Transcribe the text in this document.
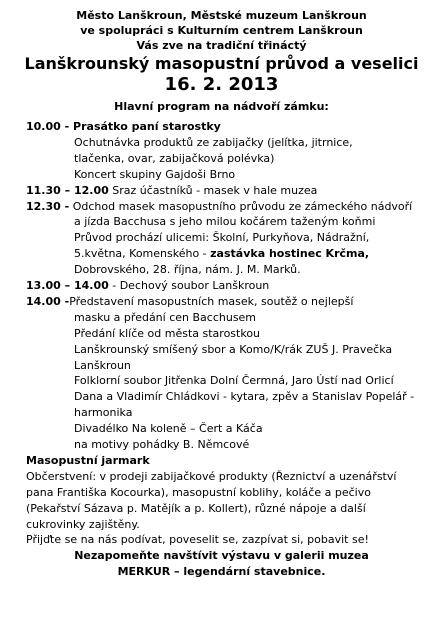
Město Lanškroun, Městské muzeum Lanškroun
ve spolupráci s Kulturním centrem Lanškroun
Vás zve na tradiční třináctý
Lanškrounský masopustní průvod a veselici
16. 2. 2013
Hlavní program na nádvoří zámku:
10.00 - Prasátko paní starostky
Ochutnávka produktů ze zabijačky (jelítka, jitrnice,
tlačenka, ovar, zabijačková polévka)
Koncert skupiny Gajdoši Brno
11.30 – 12.00 Sraz účastníků - masek v hale muzea
12.30 - Odchod masek masopustního průvodu ze zámeckého nádvoří
a jízda Bacchusa s jeho milou kočárem taženým koňmi
Průvod prochází ulicemi: Školní, Purkyňova, Nádražní,
5.května, Komenského - zastávka hostinec Krčma,
Dobrovského, 28. října, nám. J. M. Marků.
13.00 – 14.00 - Dechový soubor Lanškroun
14.00 -Představení masopustních masek, soutěž o nejlepší
masku a předání cen Bacchusem
Předání klíče od města starostkou
Lanškrounský smíšený sbor a Komo/K/rák ZUŠ J. Pravečka
Lanškroun
Folklorní soubor Jitřenka Dolní Čermná, Jaro Ústí nad Orlicí
Dana a Vladimír Chládkovi - kytara, zpěv a Stanislav Popelář -
harmonika
Divadélko Na koleně – Čert a Káča
na motivy pohádky B. Němcové
Masopustní jarmark
Občerstvení: v prodeji zabijačkové produkty (Řeznictví a uzenářství
pana Františka Kocourka), masopustní koblihy, koláče a pečivo
(Pekařství Sázava p. Matějík a p. Kollert), různé nápoje a další
cukrovinky zajištěny.
Přijďte se na nás podívat, poveselit se, zazpívat si, pobavit se!
Nezapomeňte navštívit výstavu v galerii muzea
MERKUR – legendární stavebnice.
